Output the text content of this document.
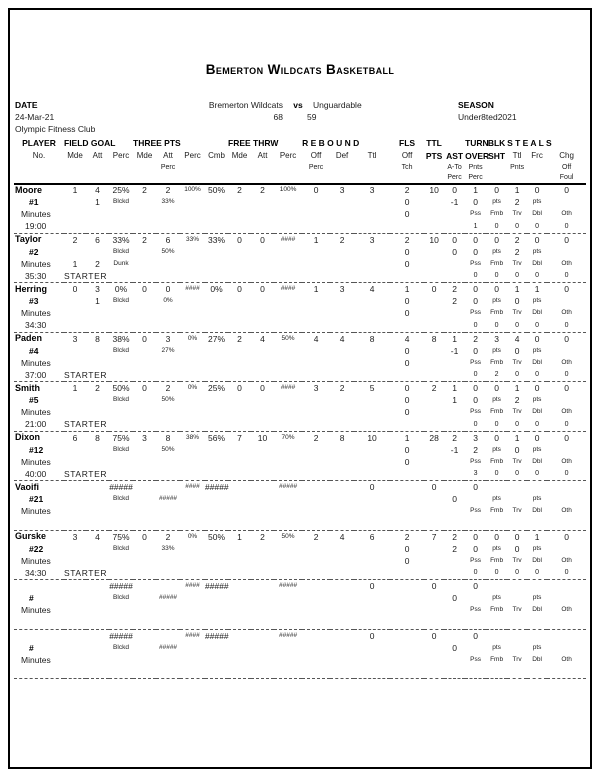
Bemerton Wildcats Basketball
DATE
24-Mar-21
Olympic Fitness Club
Bremerton Wildcats	vs	Unguardable
68	59
SEASON
Under8ted2021
PLAYER	FIELD GOAL			THREE PTS				FREE THRW			R E B O U N D			FLS	TTL		TURN	BLK	S T E A L S		
No.	Mde	Att	Perc	Mde	Att	Perc	Cmb	Mde	Att	Perc	Off	Def	Ttl	Off	PTS	AST	OVER	SHT	Ttl	Frc	Chg
					Perc						Perc			Tch		A-To	Pnts		Pnts		Off
																Perc	Perc				Foul
Moore	1	4	25%	2	2	100%	50%	2	2	100%	0	3	3	2	10	0	1	0	1	0	0
#1		1	Blckd		33%									0		-1	0	pts	2	pts	
Minutes														0			Pss	Fmb	Trv	Dbl	Oth
19:00																	1	0	0	0	0
Taylor	2	6	33%	2	6	33%	33%	0	0	####	1	2	3	2	10	0	0	0	2	0	0
#2			Blckd		50%									0		0	0	pts	2	pts	
Minutes	1	2	Dunk											0			Pss	Fmb	Trv	Dbl	Oth
35:30	STARTER																0	0	0	0	0
Herring	0	3	0%	0	0	####	0%	0	0	####	1	3	4	1	0	2	0	0	1	1	0
#3		1	Blckd		0%									0		2	0	pts	0	pts	
Minutes														0			Pss	Fmb	Trv	Dbl	Oth
34:30																	0	0	0	0	0
Paden	3	8	38%	0	3	0%	27%	2	4	50%	4	4	8	4	8	1	2	3	4	0	0
#4			Blckd		27%									0		-1	0	pts	0	pts	
Minutes														0			Pss	Fmb	Trv	Dbl	Oth
37:00	STARTER																0	2	0	0	0
Smith	1	2	50%	0	2	0%	25%	0	0	####	3	2	5	0	2	1	0	0	1	0	0
#5			Blckd		50%									0		1	0	pts	2	pts	
Minutes														0			Pss	Fmb	Trv	Dbl	Oth
21:00	STARTER																0	0	0	0	0
Dixon	6	8	75%	3	8	38%	56%	7	10	70%	2	8	10	1	28	2	3	0	1	0	0
#12			Blckd		50%									0		-1	2	pts	0	pts	
Minutes														0			Pss	Fmb	Trv	Dbl	Oth
40:00	STARTER																3	0	0	0	0
Vaoifi			#####			####	#####			#####			0		0		0				
#21			Blckd		#####											0		pts		pts	
Minutes																	Pss	Fmb	Trv	Dbl	Oth

Gurske	3	4	75%	0	2	0%	50%	1	2	50%	2	4	6	2	7	2	0	0	0	1	0
#22			Blckd		33%									0		2	0	pts	0	pts	
Minutes														0			Pss	Fmb	Trv	Dbl	Oth
34:30	STARTER																0	0	0	0	0
			#####			####	#####			#####			0		0		0				
#			Blckd		#####											0		pts		pts	
Minutes																	Pss	Fmb	Trv	Dbl	Oth

			#####			####	#####			#####			0		0		0				
#			Blckd		#####											0		pts		pts	
Minutes																	Pss	Fmb	Trv	Dbl	Oth
